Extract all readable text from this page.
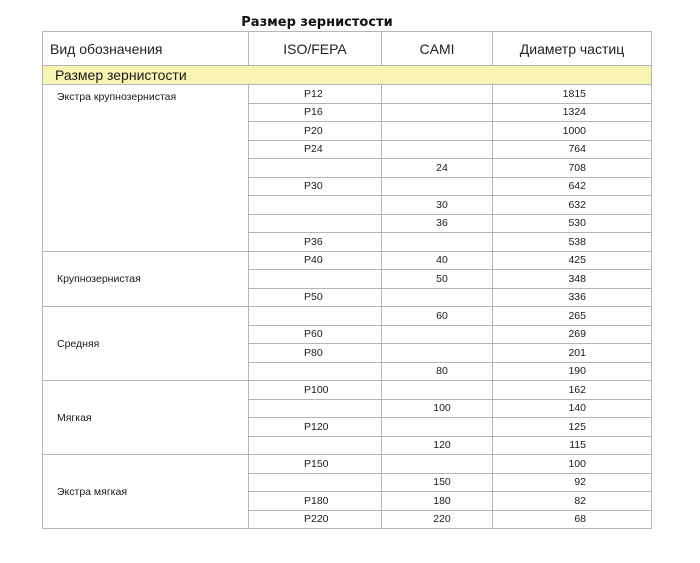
Размер зернистости
Вид обозначения	ISO/FEPA	CAMI	Диаметр частиц
Размер зернистости			
Экстра крупнозернистая	P12		1815
	P16		1324
	P20		1000
	P24		764
		24	708
	P30		642
		30	632
		36	530
	P36		538
Крупнозернистая	P40	40	425
		50	348
	P50		336
Средняя		60	265
	P60		269
	P80		201
		80	190
Мягкая	P100		162
		100	140
	P120		125
		120	115
Экстра мягкая	P150		100
		150	92
	P180	180	82
	P220	220	68
